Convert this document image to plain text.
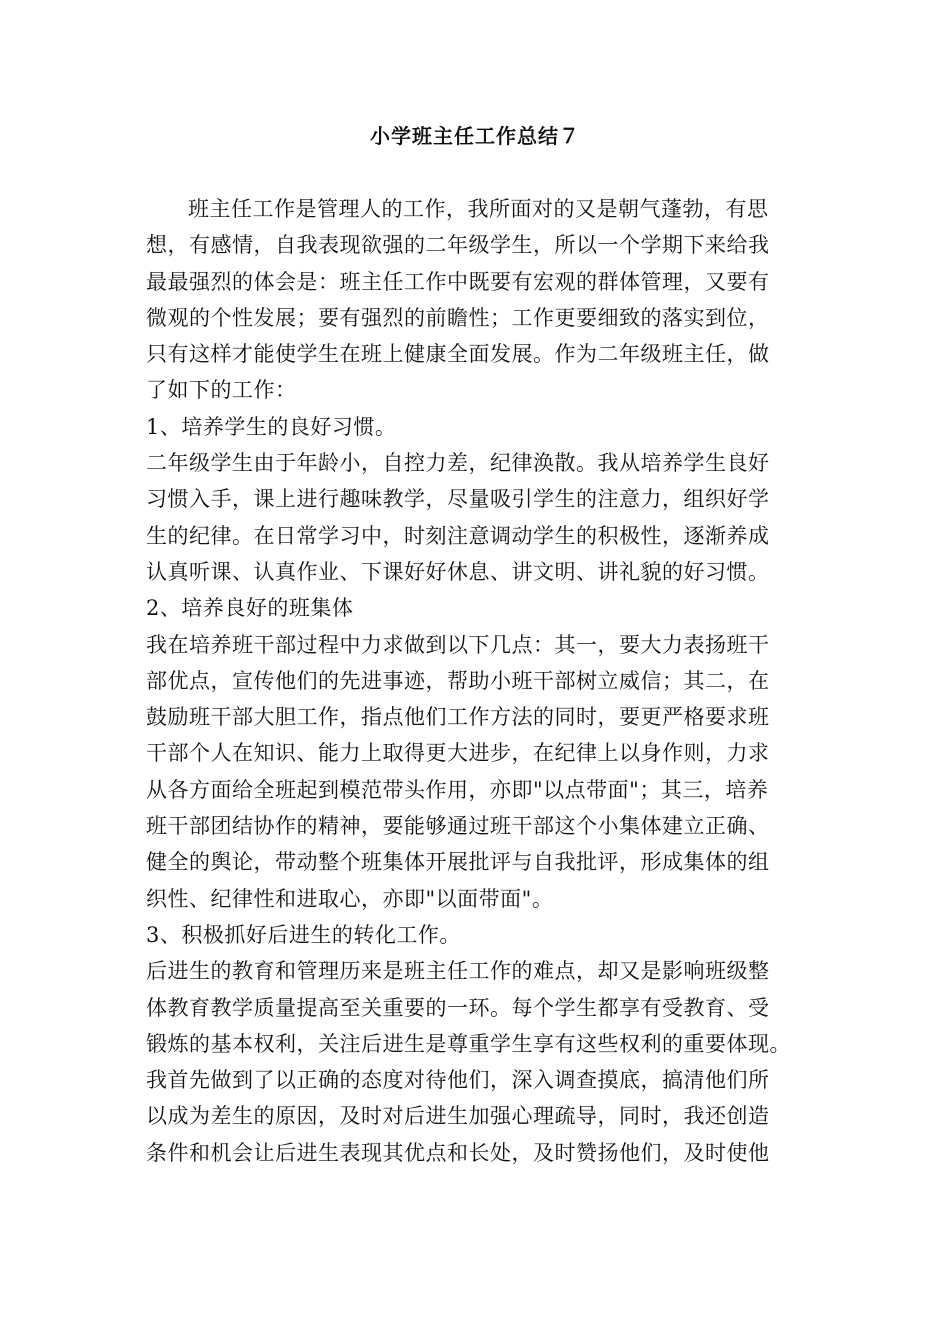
小学班主任工作总结７
班主任工作是管理人的工作，我所面对的又是朝气蓬勃，有思
想，有感情，自我表现欲强的二年级学生，所以一个学期下来给我
最最强烈的体会是：班主任工作中既要有宏观的群体管理，又要有
微观的个性发展；要有强烈的前瞻性；工作更要细致的落实到位，
只有这样才能使学生在班上健康全面发展。作为二年级班主任，做
了如下的工作：
1、培养学生的良好习惯。
二年级学生由于年龄小，自控力差，纪律涣散。我从培养学生良好
习惯入手，课上进行趣味教学，尽量吸引学生的注意力，组织好学
生的纪律。在日常学习中，时刻注意调动学生的积极性，逐渐养成
认真听课、认真作业、下课好好休息、讲文明、讲礼貌的好习惯。
2、培养良好的班集体
我在培养班干部过程中力求做到以下几点：其一，要大力表扬班干
部优点，宣传他们的先进事迹，帮助小班干部树立威信；其二，在
鼓励班干部大胆工作，指点他们工作方法的同时，要更严格要求班
干部个人在知识、能力上取得更大进步，在纪律上以身作则，力求
从各方面给全班起到模范带头作用，亦即"以点带面"；其三，培养
班干部团结协作的精神，要能够通过班干部这个小集体建立正确、
健全的舆论，带动整个班集体开展批评与自我批评，形成集体的组
织性、纪律性和进取心，亦即"以面带面"。
3、积极抓好后进生的转化工作。
后进生的教育和管理历来是班主任工作的难点，却又是影响班级整
体教育教学质量提高至关重要的一环。每个学生都享有受教育、受
锻炼的基本权利，关注后进生是尊重学生享有这些权利的重要体现。
我首先做到了以正确的态度对待他们，深入调查摸底，搞清他们所
以成为差生的原因，及时对后进生加强心理疏导，同时，我还创造
条件和机会让后进生表现其优点和长处，及时赞扬他们，及时使他
